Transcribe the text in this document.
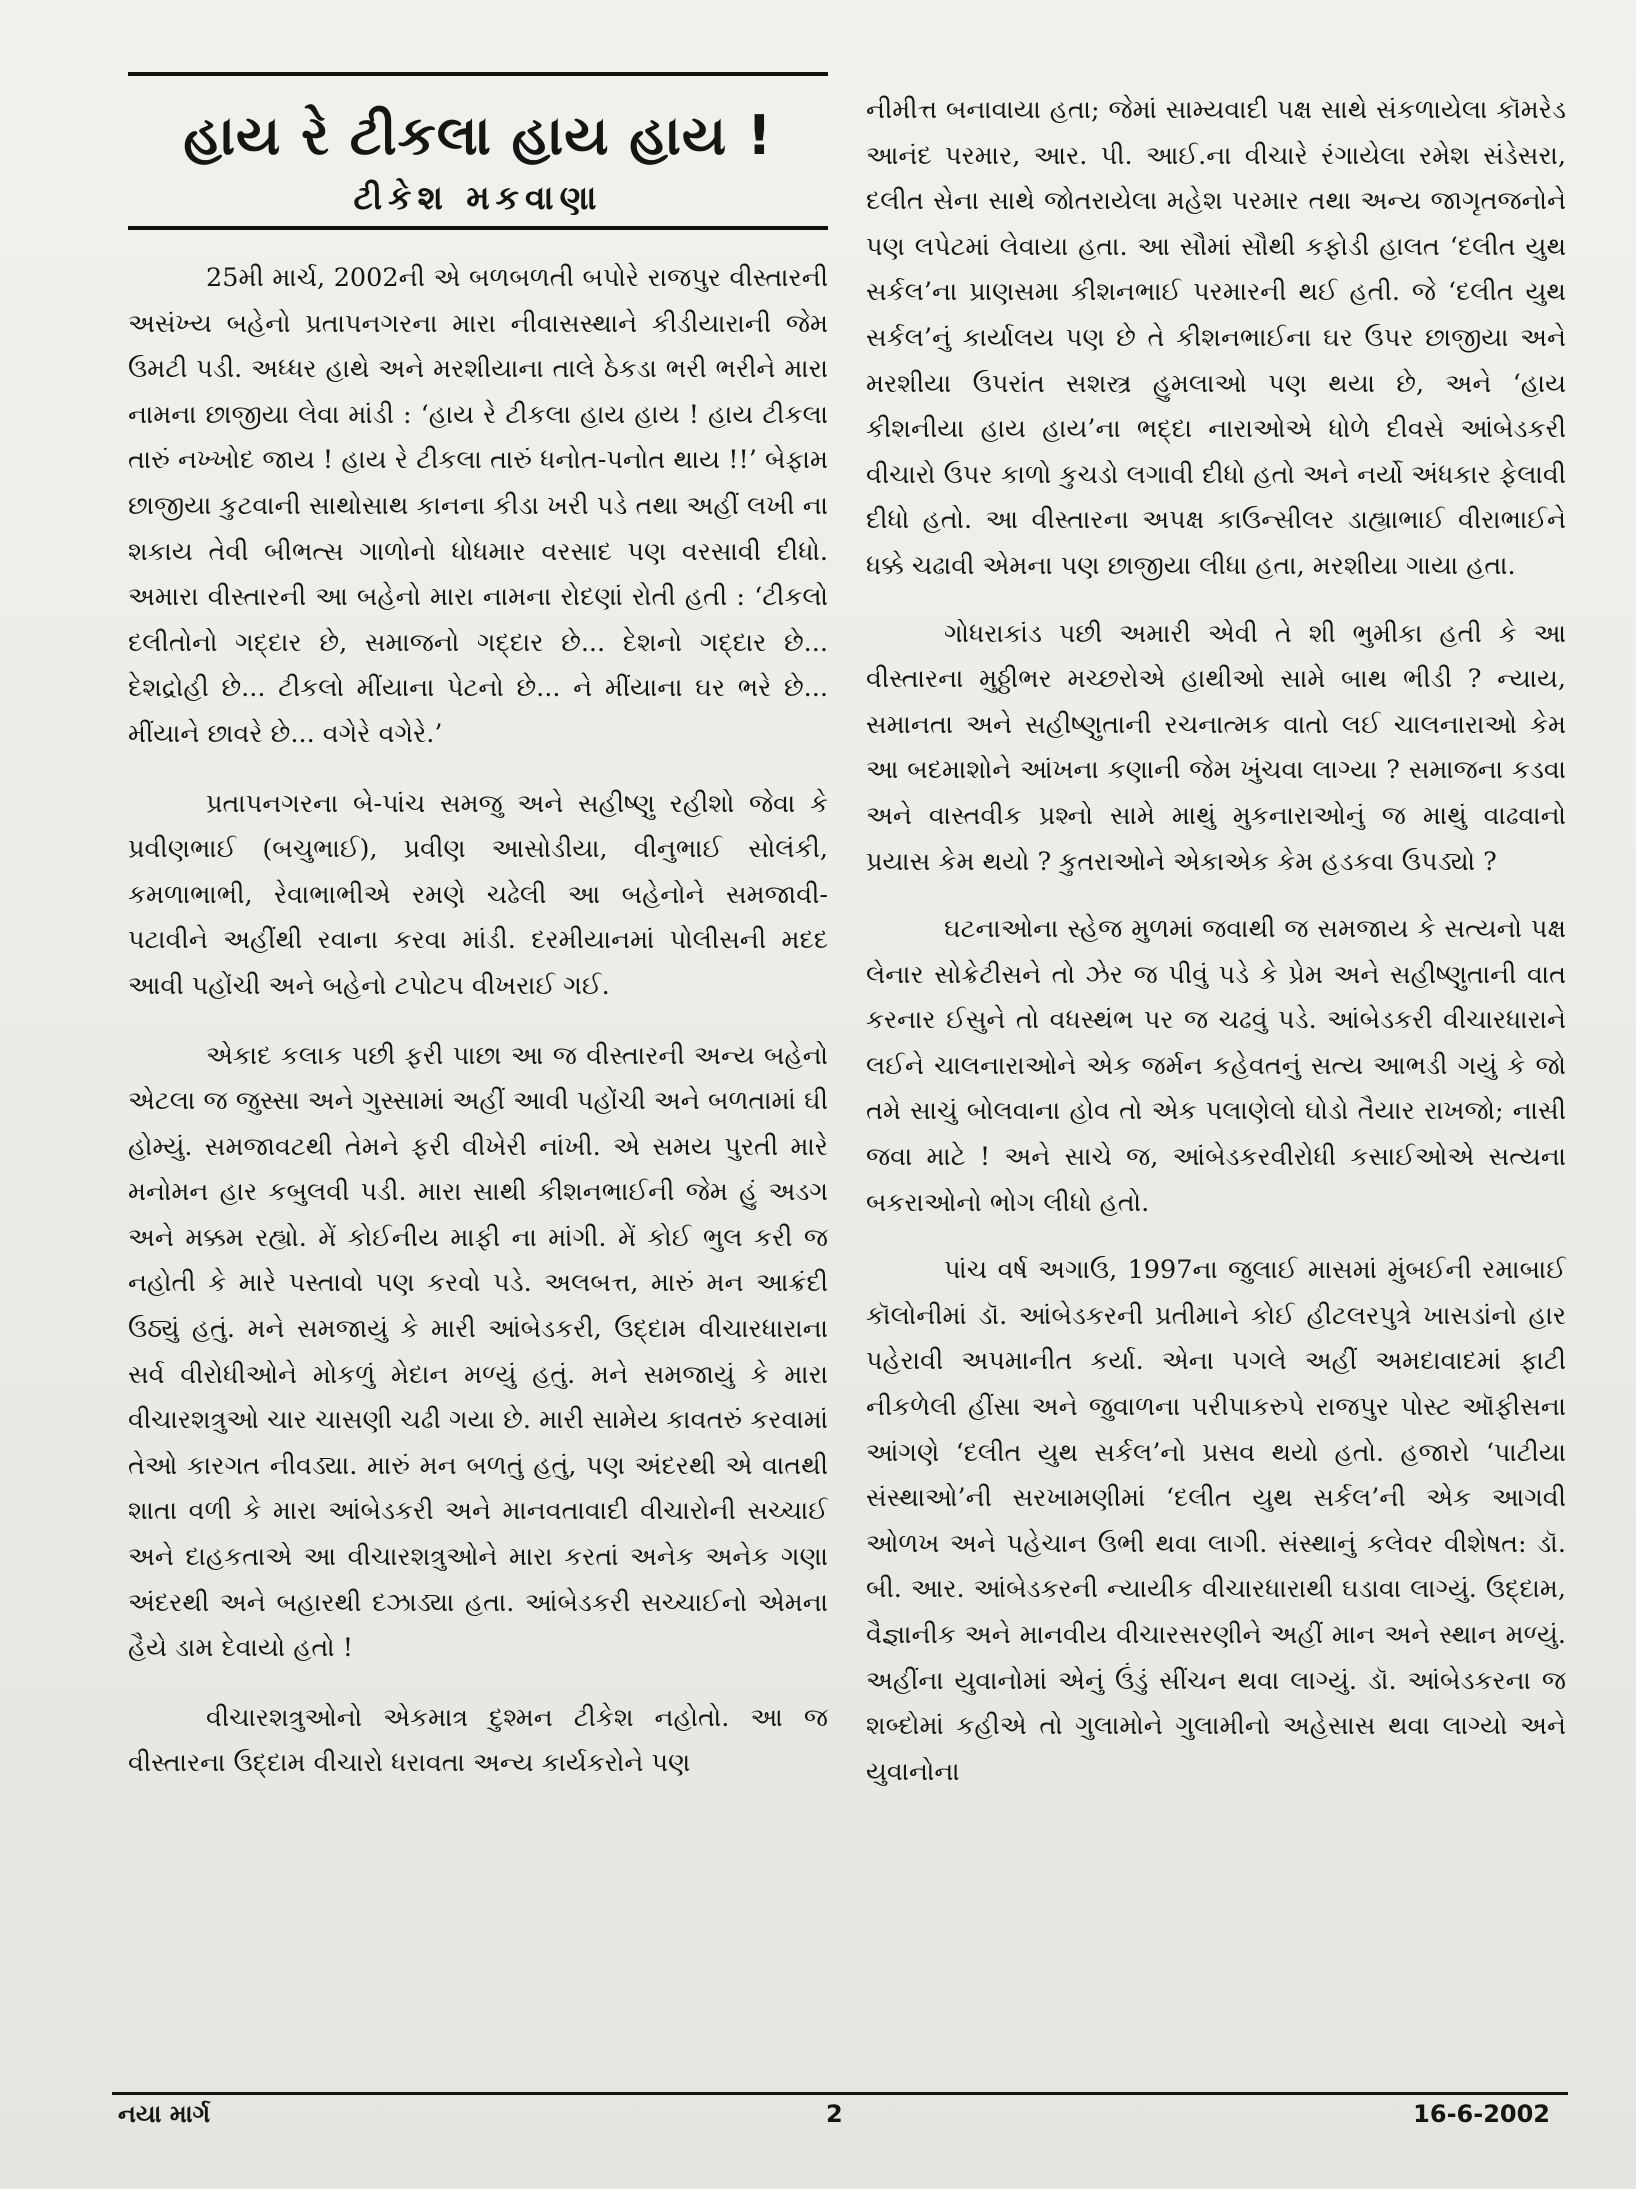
હાય રે ટીકલા હાય હાય !
ટીકેશ મકવાણા

25મી માર્ચ, 2002ની એ બળબળતી બપોરે રાજપુર વીસ્તારની અસંખ્ય બહેનો પ્રતાપનગરના મારા નીવાસસ્થાને કીડીયારાની જેમ ઉમટી પડી. અધ્ધર હાથે અને મરશીયાના તાલે ઠેકડા ભરી ભરીને મારા નામના છાજીયા લેવા માંડી : ‘હાય રે ટીકલા હાય હાય ! હાય ટીકલા તારું નખ્ખોદ જાય ! હાય રે ટીકલા તારું ધનોત-પનોત થાય !!’ બેફામ છાજીયા કુટવાની સાથોસાથ કાનના કીડા ખરી પડે તથા અહીં લખી ના શકાય તેવી બીભત્સ ગાળોનો ધોધમાર વરસાદ પણ વરસાવી દીધો. અમારા વીસ્તારની આ બહેનો મારા નામના રોદણાં રોતી હતી : ‘ટીકલો દલીતોનો ગદ્દાર છે, સમાજનો ગદ્દાર છે... દેશનો ગદ્દાર છે... દેશદ્રોહી છે... ટીકલો મીંયાના પેટનો છે... ને મીંયાના ઘર ભરે છે... મીંયાને છાવરે છે... વગેરે વગેરે.’

પ્રતાપનગરના બે-પાંચ સમજુ અને સહીષ્ણુ રહીશો જેવા કે પ્રવીણભાઈ (બચુભાઈ), પ્રવીણ આસોડીયા, વીનુભાઈ સોલંકી, કમળાભાભી, રેવાભાભીએ રમણે ચઢેલી આ બહેનોને સમજાવી-પટાવીને અહીંથી રવાના કરવા માંડી. દરમીયાનમાં પોલીસની મદદ આવી પહોંચી અને બહેનો ટપોટપ વીખરાઈ ગઈ.

એકાદ કલાક પછી ફરી પાછા આ જ વીસ્તારની અન્ય બહેનો એટલા જ જુસ્સા અને ગુસ્સામાં અહીં આવી પહોંચી અને બળતામાં ઘી હોમ્યું. સમજાવટથી તેમને ફરી વીખેરી નાંખી. એ સમય પુરતી મારે મનોમન હાર કબુલવી પડી. મારા સાથી કીશનભાઈની જેમ હું અડગ અને મક્કમ રહ્યો. મેં કોઈનીય માફી ના માંગી. મેં કોઈ ભુલ કરી જ નહોતી કે મારે પસ્તાવો પણ કરવો પડે. અલબત્ત, મારું મન આક્રંદી ઉઠ્યું હતું. મને સમજાયું કે મારી આંબેડકરી, ઉદ્દામ વીચારધારાના સર્વ વીરોધીઓને મોકળું મેદાન મળ્યું હતું. મને સમજાયું કે મારા વીચારશત્રુઓ ચાર ચાસણી ચઢી ગયા છે. મારી સામેય કાવતરું કરવામાં તેઓ કારગત નીવડ્યા. મારું મન બળતું હતું, પણ અંદરથી એ વાતથી શાતા વળી કે મારા આંબેડકરી અને માનવતાવાદી વીચારોની સચ્ચાઈ અને દાહકતાએ આ વીચારશત્રુઓને મારા કરતાં અનેક અનેક ગણા અંદરથી અને બહારથી દઝાડ્યા હતા. આંબેડકરી સચ્ચાઈનો એમના હૈયે ડામ દેવાયો હતો !

વીચારશત્રુઓનો એકમાત્ર દુશ્મન ટીકેશ નહોતો. આ જ વીસ્તારના ઉદ્દામ વીચારો ધરાવતા અન્ય કાર્યકરોને પણ

નીમીત્ત બનાવાયા હતા; જેમાં સામ્યવાદી પક્ષ સાથે સંકળાયેલા કૉમરેડ આનંદ પરમાર, આર. પી. આઈ.ના વીચારે રંગાયેલા રમેશ સંડેસરા, દલીત સેના સાથે જોતરાયેલા મહેશ પરમાર તથા અન્ય જાગૃતજનોને પણ લપેટમાં લેવાયા હતા. આ સૌમાં સૌથી કફોડી હાલત ‘દલીત યુથ સર્કલ’ના પ્રાણસમા કીશનભાઈ પરમારની થઈ હતી. જે ‘દલીત યુથ સર્કલ’નું કાર્યાલય પણ છે તે કીશનભાઈના ઘર ઉપર છાજીયા અને મરશીયા ઉપરાંત સશસ્ત્ર હુમલાઓ પણ થયા છે, અને ‘હાય કીશનીયા હાય હાય’ના ભદ્દા નારાઓએ ધોળે દીવસે આંબેડકરી વીચારો ઉપર કાળો કુચડો લગાવી દીધો હતો અને નર્યો અંધકાર ફેલાવી દીધો હતો. આ વીસ્તારના અપક્ષ કાઉન્સીલર ડાહ્યાભાઈ વીરાભાઈને ધક્કે ચઢાવી એમના પણ છાજીયા લીધા હતા, મરશીયા ગાયા હતા.

ગોધરાકાંડ પછી અમારી એવી તે શી ભુમીકા હતી કે આ વીસ્તારના મુઠ્ઠીભર મચ્છરોએ હાથીઓ સામે બાથ ભીડી ? ન્યાય, સમાનતા અને સહીષ્ણુતાની રચનાત્મક વાતો લઈ ચાલનારાઓ કેમ આ બદમાશોને આંખના કણાની જેમ ખુંચવા લાગ્યા ? સમાજના કડવા અને વાસ્તવીક પ્રશ્નો સામે માથું મુકનારાઓનું જ માથું વાઢવાનો પ્રયાસ કેમ થયો ? કુતરાઓને એકાએક કેમ હડકવા ઉપડ્યો ?

ઘટનાઓના સ્હેજ મુળમાં જવાથી જ સમજાય કે સત્યનો પક્ષ લેનાર સોક્રેટીસને તો ઝેર જ પીવું પડે કે પ્રેમ અને સહીષ્ણુતાની વાત કરનાર ઈસુને તો વધસ્થંભ પર જ ચઢવું પડે. આંબેડકરી વીચારધારાને લઈને ચાલનારાઓને એક જર્મન કહેવતનું સત્ય આભડી ગયું કે જો તમે સાચું બોલવાના હોવ તો એક પલાણેલો ઘોડો તૈયાર રાખજો; નાસી જવા માટે ! અને સાચે જ, આંબેડકરવીરોધી કસાઈઓએ સત્યના બકરાઓનો ભોગ લીધો હતો.

પાંચ વર્ષ અગાઉ, 1997ના જુલાઈ માસમાં મુંબઈની રમાબાઈ કૉલોનીમાં ડૉ. આંબેડકરની પ્રતીમાને કોઈ હીટલરપુત્રે ખાસડાંનો હાર પહેરાવી અપમાનીત કર્યા. એના પગલે અહીં અમદાવાદમાં ફાટી નીકળેલી હીંસા અને જુવાળના પરીપાકરુપે રાજપુર પોસ્ટ ઑફીસના આંગણે ‘દલીત યુથ સર્કલ’નો પ્રસવ થયો હતો. હજારો ‘પાટીયા સંસ્થાઓ’ની સરખામણીમાં ‘દલીત યુથ સર્કલ’ની એક આગવી ઓળખ અને પહેચાન ઉભી થવા લાગી. સંસ્થાનું કલેવર વીશેષત: ડૉ. બી. આર. આંબેડકરની ન્યાયીક વીચારધારાથી ઘડાવા લાગ્યું. ઉદ્દામ, વૈજ્ઞાનીક અને માનવીય વીચારસરણીને અહીં માન અને સ્થાન મળ્યું. અહીંના યુવાનોમાં એનું ઉંડું સીંચન થવા લાગ્યું. ડૉ. આંબેડકરના જ શબ્દોમાં કહીએ તો ગુલામોને ગુલામીનો અહેસાસ થવા લાગ્યો અને યુવાનોના

નયા માર્ગ	2	16-6-2002
